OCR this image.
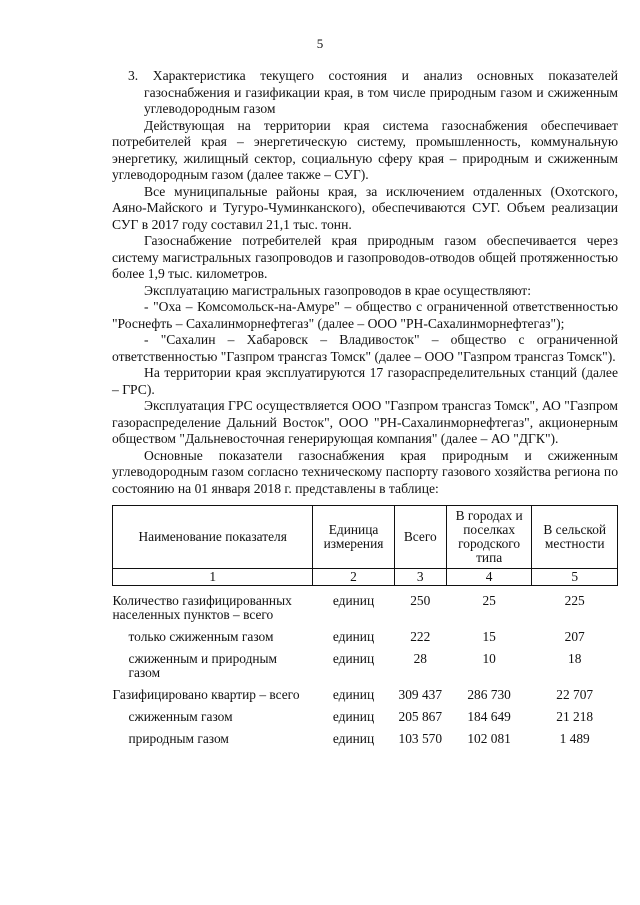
5

3. Характеристика текущего состояния и анализ основных показателей газоснабжения и газификации края, в том числе природным газом и сжиженным углеводородным газом

Действующая на территории края система газоснабжения обеспечивает потребителей края – энергетическую систему, промышленность, коммунальную энергетику, жилищный сектор, социальную сферу края – природным и сжиженным углеводородным газом (далее также – СУГ).

Все муниципальные районы края, за исключением отдаленных (Охотского, Аяно-Майского и Тугуро-Чуминканского), обеспечиваются СУГ. Объем реализации СУГ в 2017 году составил 21,1 тыс. тонн.

Газоснабжение потребителей края природным газом обеспечивается через систему магистральных газопроводов и газопроводов-отводов общей протяженностью более 1,9 тыс. километров.

Эксплуатацию магистральных газопроводов в крае осуществляют:

- "Оха – Комсомольск-на-Амуре" – общество с ограниченной ответственностью "Роснефть – Сахалинморнефтегаз" (далее – ООО "РН-Сахалинморнефтегаз");

- "Сахалин – Хабаровск – Владивосток" – общество с ограниченной ответственностью "Газпром трансгаз Томск" (далее – ООО "Газпром трансгаз Томск").

На территории края эксплуатируются 17 газораспределительных станций (далее – ГРС).

Эксплуатация ГРС осуществляется ООО "Газпром трансгаз Томск", АО "Газпром газораспределение Дальний Восток", ООО "РН-Сахалинморнефтегаз", акционерным обществом "Дальневосточная генерирующая компания" (далее – АО "ДГК").

Основные показатели газоснабжения края природным и сжиженным углеводородным газом согласно техническому паспорту газового хозяйства региона по состоянию на 01 января 2018 г. представлены в таблице:

Наименование показателя	Единица измерения	Всего	В городах и поселках городского типа	В сельской местности
1	2	3	4	5
Количество газифицированных населенных пунктов – всего	единиц	250	25	225
только сжиженным газом	единиц	222	15	207
сжиженным и природным газом	единиц	28	10	18
Газифицировано квартир – всего	единиц	309 437	286 730	22 707
сжиженным газом	единиц	205 867	184 649	21 218
природным газом	единиц	103 570	102 081	1 489
